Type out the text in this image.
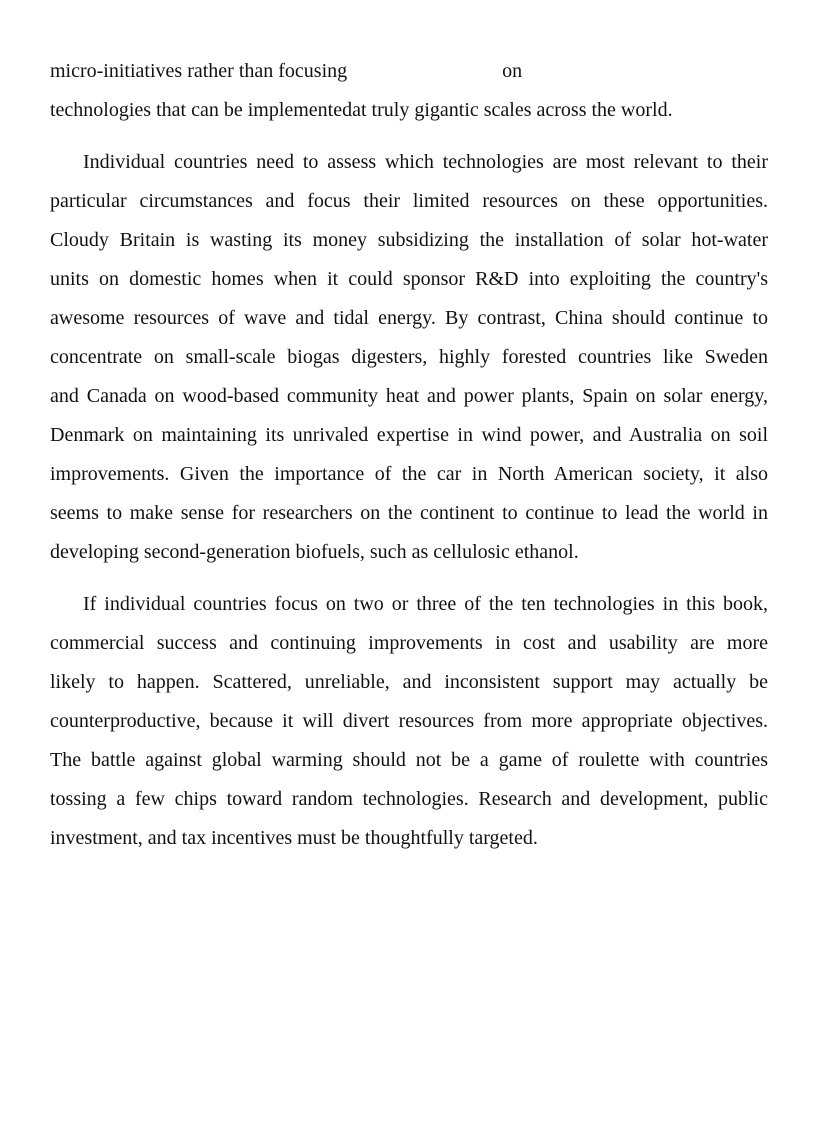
micro-initiatives rather than focusing	on
technologies that can be implementedat truly gigantic scales across the world.
Individual countries need to assess which technologies are most relevant to their
particular circumstances and focus their limited resources on these opportunities.
Cloudy Britain is wasting its money subsidizing the installation of solar hot-water
units on domestic homes when it could sponsor R&D into exploiting the country's
awesome resources of wave and tidal energy. By contrast, China should continue to
concentrate on small-scale biogas digesters, highly forested countries like Sweden
and Canada on wood-based community heat and power plants, Spain on solar energy,
Denmark on maintaining its unrivaled expertise in wind power, and Australia on soil
improvements. Given the importance of the car in North American society, it also
seems to make sense for researchers on the continent to continue to lead the world in
developing second-generation biofuels, such as cellulosic ethanol.
If individual countries focus on two or three of the ten technologies in this book,
commercial success and continuing improvements in cost and usability are more
likely to happen. Scattered, unreliable, and inconsistent support may actually be
counterproductive, because it will divert resources from more appropriate objectives.
The battle against global warming should not be a game of roulette with countries
tossing a few chips toward random technologies. Research and development, public
investment, and tax incentives must be thoughtfully targeted.
